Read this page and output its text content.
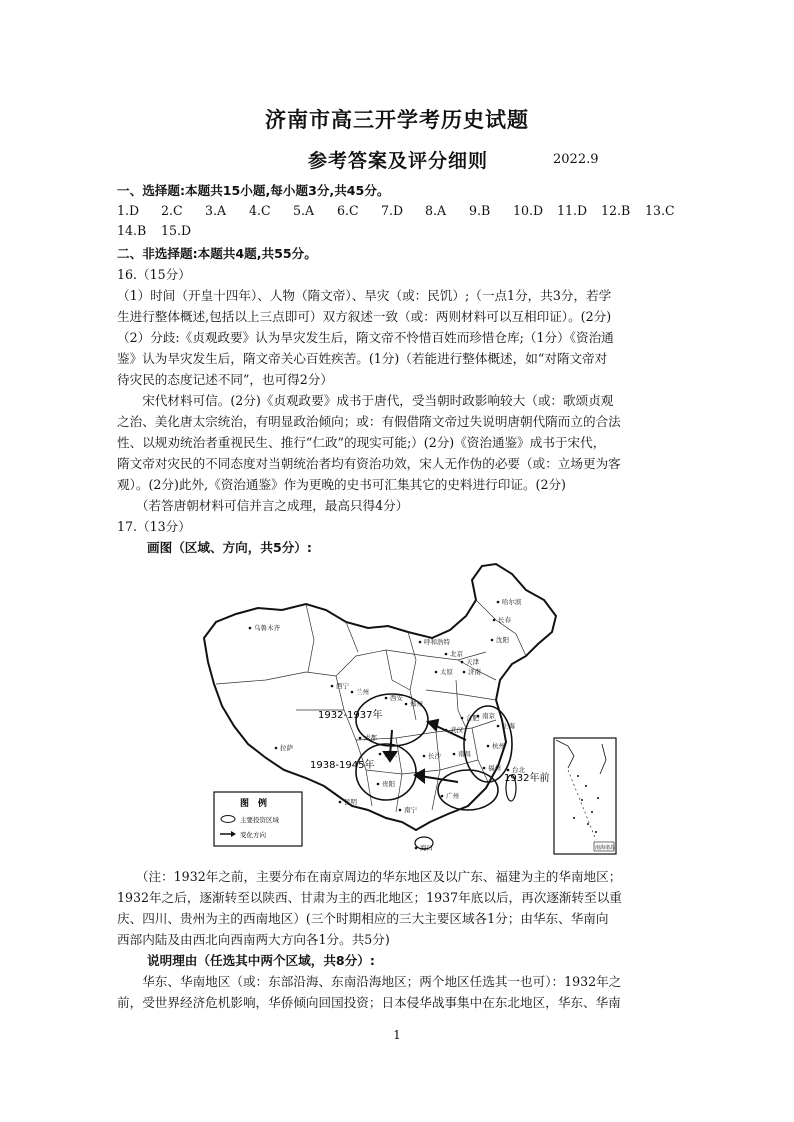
济南市高三开学考历史试题
参考答案及评分细则	2022.9
一、选择题:本题共15小题,每小题3分,共45分。
1.D 2.C 3.A 4.C 5.A 6.C 7.D 8.A 9.B 10.D 11.D 12.B 13.C
14.B 15.D
二、非选择题:本题共4题,共55分。
16.（15分）
（1）时间（开皇十四年）、人物（隋文帝）、旱灾（或：民饥）;（一点1分，共3分，若学
生进行整体概述,包括以上三点即可）双方叙述一致（或：两则材料可以互相印证）。(2分)
（2）分歧:《贞观政要》认为旱灾发生后，隋文帝不怜惜百姓而珍惜仓库;（1分）《资治通
鉴》认为旱灾发生后，隋文帝关心百姓疾苦。(1分)（若能进行整体概述，如“对隋文帝对
待灾民的态度记述不同”，也可得2分）
　　宋代材料可信。(2分)《贞观政要》成书于唐代，受当朝时政影响较大（或：歌颂贞观
之治、美化唐太宗统治，有明显政治倾向；或：有假借隋文帝过失说明唐朝代隋而立的合法
性、以规劝统治者重视民生、推行“仁政”的现实可能;）(2分)《资治通鉴》成书于宋代，
隋文帝对灾民的不同态度对当朝统治者均有资治功效，宋人无作伪的必要（或：立场更为客
观）。(2分)此外,《资治通鉴》作为更晚的史书可汇集其它的史料进行印证。(2分)
　　（若答唐朝材料可信并言之成理，最高只得4分）
17.（13分）
画图（区域、方向，共5分）:
1932-1937年
1938-1945年
1932年前
乌鲁木齐
哈尔滨
长春
沈阳
呼和浩特
北京
天津
太原 济南
西宁
兰州
西安
郑州
南京
上海
合肥
武汉
杭州
拉萨
成都
重庆	长沙	南昌
福州
贵阳
昆明
广州
南宁
海口
台北
图　例
主要投资区域
变化方向
南海诸岛
　　（注：1932年之前，主要分布在南京周边的华东地区及以广东、福建为主的华南地区；
1932年之后，逐渐转至以陕西、甘肃为主的西北地区；1937年底以后，再次逐渐转至以重
庆、四川、贵州为主的西南地区）(三个时期相应的三大主要区域各1分；由华东、华南向
西部内陆及由西北向西南两大方向各1分。共5分)
说明理由（任选其中两个区域，共8分）:
　　华东、华南地区（或：东部沿海、东南沿海地区；两个地区任选其一也可）：1932年之
前，受世界经济危机影响，华侨倾向回国投资；日本侵华战事集中在东北地区，华东、华南
1
